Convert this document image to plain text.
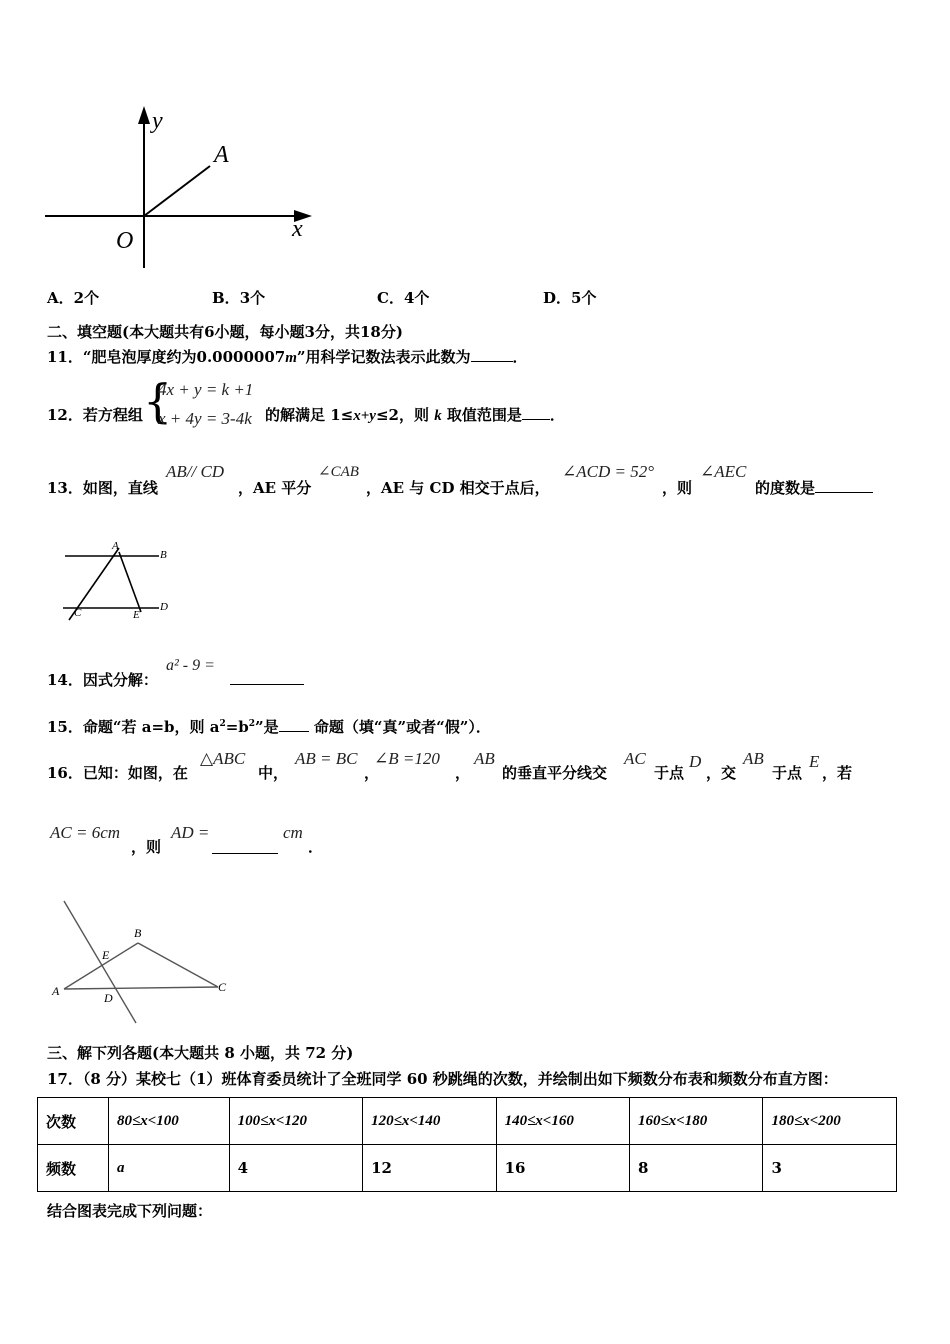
y
x
O
A
A．2个	B．3个	C．4个	D．5个
二、填空题(本大题共有6小题，每小题3分，共18分)
11．“肥皂泡厚度约为0.0000007m”用科学记数法表示此数为	．
12．若方程组 {
4x + y = k +1
x + 4y = 3-4k 的解满足 1≤x+y≤2，则 k 取值范围是 ．
13．如图，直线
AB// CD
，AE 平分
∠CAB
，AE 与 CD 相交于点后，
∠ACD = 52°
，则
∠AEC
的度数是
A
B
C	E
D
14．因式分解：
a² - 9 =
15．命题“若 a=b，则 $a^2=b^2$”是 命题（填“真”或者“假”）．
16．已知：如图，在
△ABC
中，
AB = BC
，
∠B =120
，
AB
的垂直平分线交
AC
于点
D
，交
AB
于点
E
，若
AC = 6cm
，则
AD =	cm
．
B
E
A	D
C
三、解下列各题(本大题共 8 小题，共 72 分)
17．（8 分）某校七（1）班体育委员统计了全班同学 60 秒跳绳的次数，并绘制出如下频数分布表和频数分布直方图：
次数	80≤x<100	100≤x<120	120≤x<140	140≤x<160	160≤x<180	180≤x<200
频数	a	4	12	16	8	3
结合图表完成下列问题：
